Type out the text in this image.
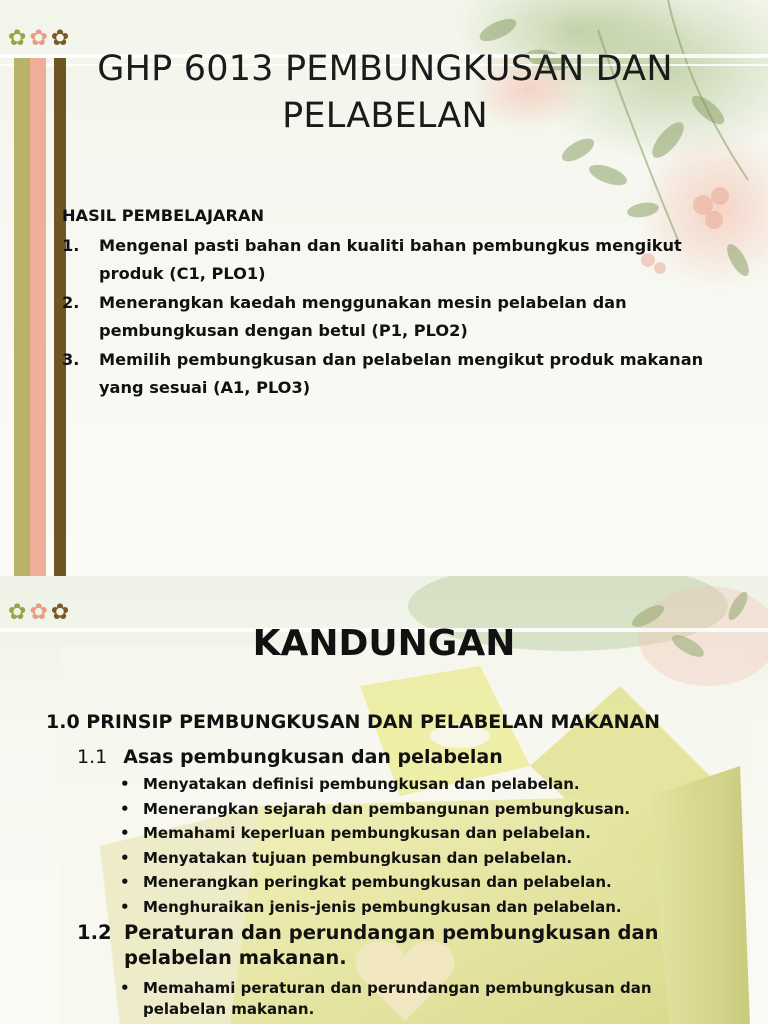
✿ ✿ ✿
GHP 6013 PEMBUNGKUSAN DAN PELABELAN
HASIL PEMBELAJARAN
1.	Mengenal pasti bahan dan kualiti bahan pembungkus mengikut produk (C1, PLO1)
2.	Menerangkan kaedah menggunakan mesin pelabelan dan pembungkusan dengan betul (P1, PLO2)
3.	Memilih pembungkusan dan pelabelan mengikut produk makanan yang sesuai (A1, PLO3)
✿ ✿ ✿
KANDUNGAN
1.0 PRINSIP PEMBUNGKUSAN DAN PELABELAN MAKANAN
1.1 Asas pembungkusan dan pelabelan
• Menyatakan definisi pembungkusan dan pelabelan.
• Menerangkan sejarah dan pembangunan pembungkusan.
• Memahami keperluan pembungkusan dan pelabelan.
• Menyatakan tujuan pembungkusan dan pelabelan.
• Menerangkan peringkat pembungkusan dan pelabelan.
• Menghuraikan jenis-jenis pembungkusan dan pelabelan.
1.2 Peraturan dan perundangan pembungkusan dan pelabelan makanan.
• Memahami peraturan dan perundangan pembungkusan dan pelabelan makanan.
